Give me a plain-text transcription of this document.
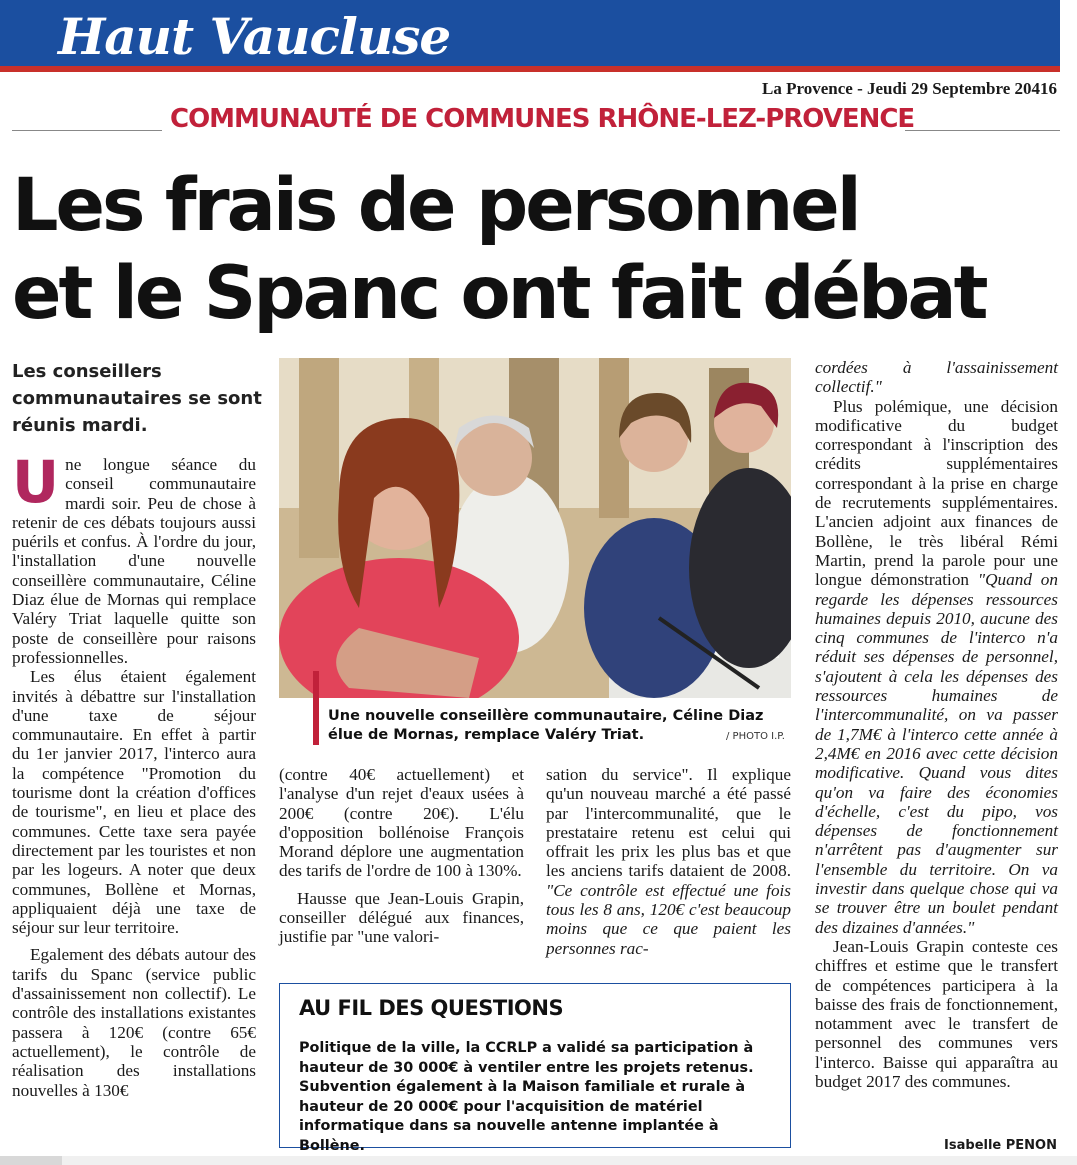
Haut Vaucluse
La Provence - Jeudi 29 Septembre 20416
COMMUNAUTÉ DE COMMUNES RHÔNE-LEZ-PROVENCE
Les frais de personnel
et le Spanc ont fait débat
Les conseillers communautaires se sont réunis mardi.
U ne longue séance du conseil communautaire mardi soir. Peu de chose à retenir de ces débats toujours aussi puérils et confus. À l'ordre du jour, l'installation d'une nouvelle conseillère communautaire, Céline Diaz élue de Mornas qui remplace Valéry Triat laquelle quitte son poste de conseillère pour raisons professionnelles.

Les élus étaient également invités à débattre sur l'installation d'une taxe de séjour communautaire. En effet à partir du 1er janvier 2017, l'interco aura la compétence "Promotion du tourisme dont la création d'offices de tourisme", en lieu et place des communes. Cette taxe sera payée directement par les touristes et non par les logeurs. A noter que deux communes, Bollène et Mornas, appliquaient déjà une taxe de séjour sur leur territoire.

Egalement des débats autour des tarifs du Spanc (service public d'assainissement non collectif). Le contrôle des installations existantes passera à 120€ (contre 65€ actuellement), le contrôle de réalisation des installations nouvelles à 130€

Une nouvelle conseillère communautaire, Céline Diaz élue de Mornas, remplace Valéry Triat.	/ PHOTO I.P.

(contre 40€ actuellement) et l'analyse d'un rejet d'eaux usées à 200€ (contre 20€). L'élu d'opposition bollénoise François Morand déplore une augmentation des tarifs de l'ordre de 100 à 130%.

Hausse que Jean-Louis Grapin, conseiller délégué aux finances, justifie par "une valori-

sation du service". Il explique qu'un nouveau marché a été passé par l'intercommunalité, que le prestataire retenu est celui qui offrait les prix les plus bas et que les anciens tarifs dataient de 2008. "Ce contrôle est effectué une fois tous les 8 ans, 120€ c'est beaucoup moins que ce que paient les personnes rac-

cordées à l'assainissement collectif."

Plus polémique, une décision modificative du budget correspondant à l'inscription des crédits supplémentaires correspondant à la prise en charge de recrutements supplémentaires. L'ancien adjoint aux finances de Bollène, le très libéral Rémi Martin, prend la parole pour une longue démonstration "Quand on regarde les dépenses ressources humaines depuis 2010, aucune des cinq communes de l'interco n'a réduit ses dépenses de personnel, s'ajoutent à cela les dépenses des ressources humaines de l'intercommunalité, on va passer de 1,7M€ à l'interco cette année à 2,4M€ en 2016 avec cette décision modificative. Quand vous dites qu'on va faire des économies d'échelle, c'est du pipo, vos dépenses de fonctionnement n'arrêtent pas d'augmenter sur l'ensemble du territoire. On va investir dans quelque chose qui va se trouver être un boulet pendant des dizaines d'années."

Jean-Louis Grapin conteste ces chiffres et estime que le transfert de compétences participera à la baisse des frais de fonctionnement, notamment avec le transfert de personnel des communes vers l'interco. Baisse qui apparaîtra au budget 2017 des communes.

AU FIL DES QUESTIONS
Politique de la ville, la CCRLP a validé sa participation à hauteur de 30 000€ à ventiler entre les projets retenus. Subvention également à la Maison familiale et rurale à hauteur de 20 000€ pour l'acquisition de matériel informatique dans sa nouvelle antenne implantée à Bollène.	Isabelle PENON
